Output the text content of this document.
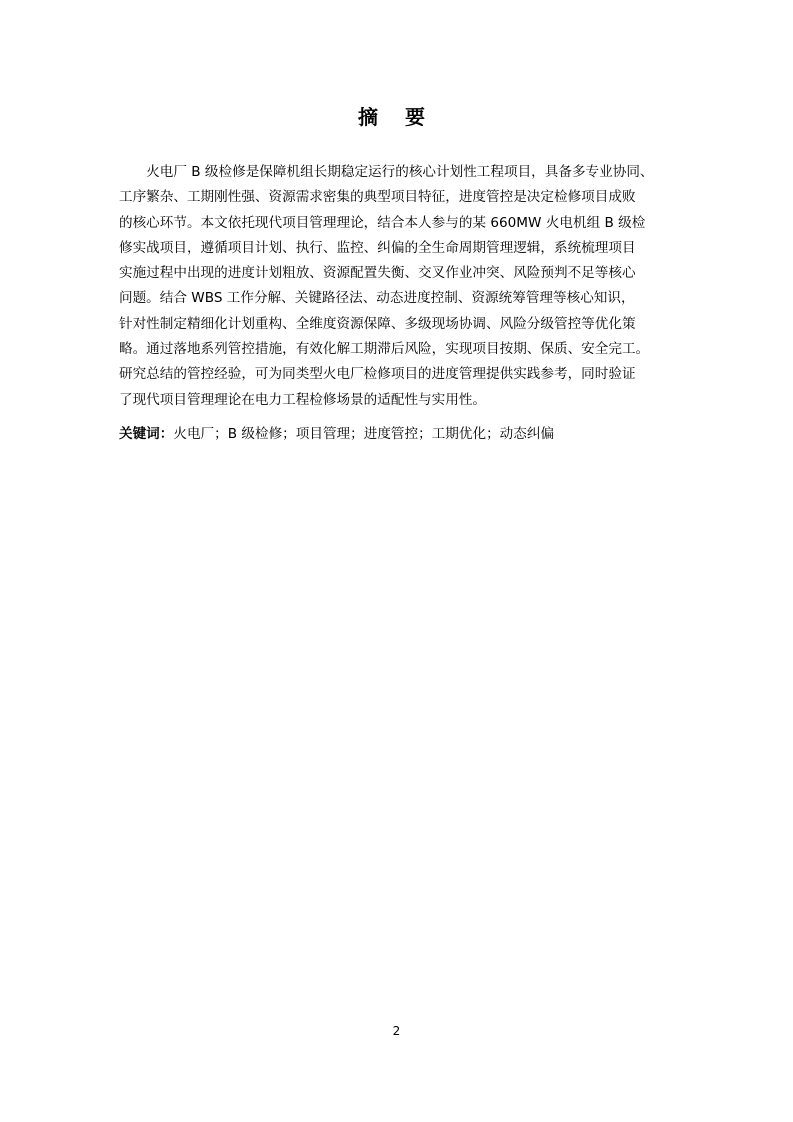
摘 要
　　火电厂 B 级检修是保障机组长期稳定运行的核心计划性工程项目，具备多专业协同、
工序繁杂、工期刚性强、资源需求密集的典型项目特征，进度管控是决定检修项目成败
的核心环节。本文依托现代项目管理理论，结合本人参与的某 660MW 火电机组 B 级检
修实战项目，遵循项目计划、执行、监控、纠偏的全生命周期管理逻辑，系统梳理项目
实施过程中出现的进度计划粗放、资源配置失衡、交叉作业冲突、风险预判不足等核心
问题。结合 WBS 工作分解、关键路径法、动态进度控制、资源统筹管理等核心知识，
针对性制定精细化计划重构、全维度资源保障、多级现场协调、风险分级管控等优化策
略。通过落地系列管控措施，有效化解工期滞后风险，实现项目按期、保质、安全完工。
研究总结的管控经验，可为同类型火电厂检修项目的进度管理提供实践参考，同时验证
了现代项目管理理论在电力工程检修场景的适配性与实用性。
关键词：火电厂；B 级检修；项目管理；进度管控；工期优化；动态纠偏
2
